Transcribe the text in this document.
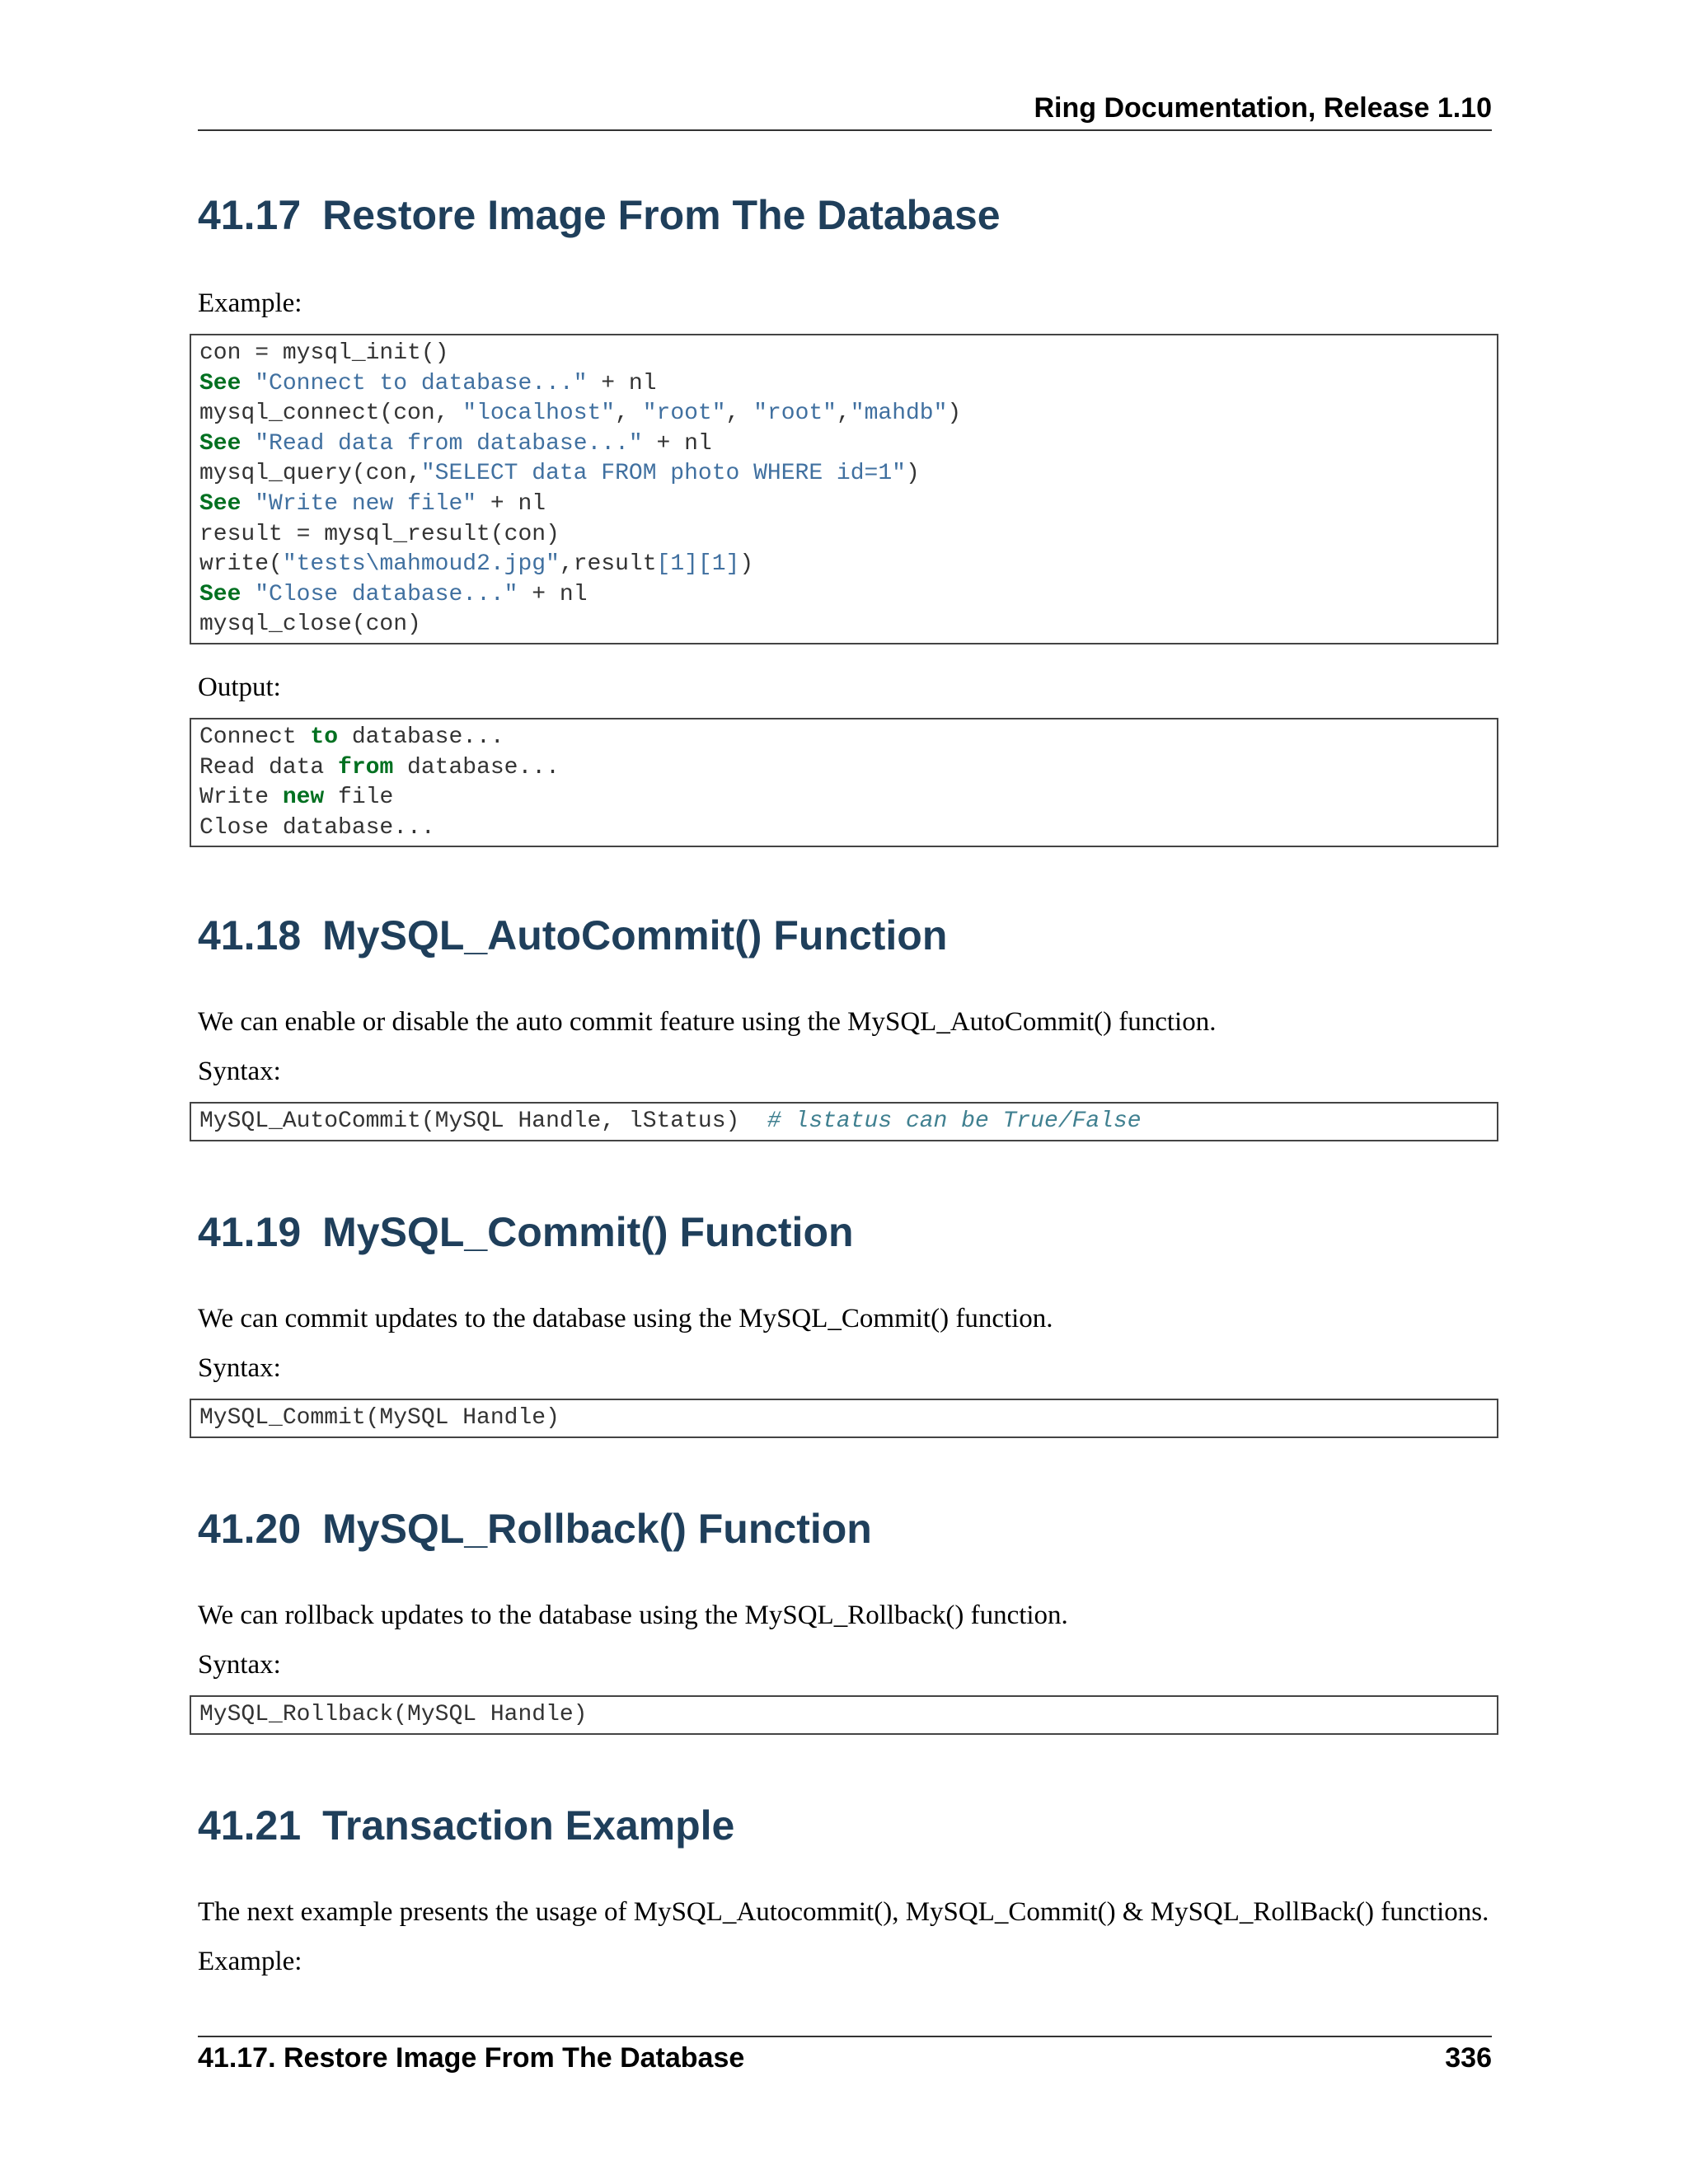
Ring Documentation, Release 1.10
41.17 Restore Image From The Database

Example:

con = mysql_init()
See "Connect to database..." + nl
mysql_connect(con, "localhost", "root", "root","mahdb")
See "Read data from database..." + nl
mysql_query(con,"SELECT data FROM photo WHERE id=1")
See "Write new file" + nl
result = mysql_result(con)
write("tests\mahmoud2.jpg",result[1][1])
See "Close database..." + nl
mysql_close(con)

Output:

Connect to database...
Read data from database...
Write new file
Close database...
41.18 MySQL_AutoCommit() Function

We can enable or disable the auto commit feature using the MySQL_AutoCommit() function.

Syntax:

MySQL_AutoCommit(MySQL Handle, lStatus)  # lstatus can be True/False
41.19 MySQL_Commit() Function

We can commit updates to the database using the MySQL_Commit() function.

Syntax:

MySQL_Commit(MySQL Handle)
41.20 MySQL_Rollback() Function

We can rollback updates to the database using the MySQL_Rollback() function.

Syntax:

MySQL_Rollback(MySQL Handle)
41.21 Transaction Example

The next example presents the usage of MySQL_Autocommit(), MySQL_Commit() & MySQL_RollBack() functions.

Example:

41.17. Restore Image From The Database	336
